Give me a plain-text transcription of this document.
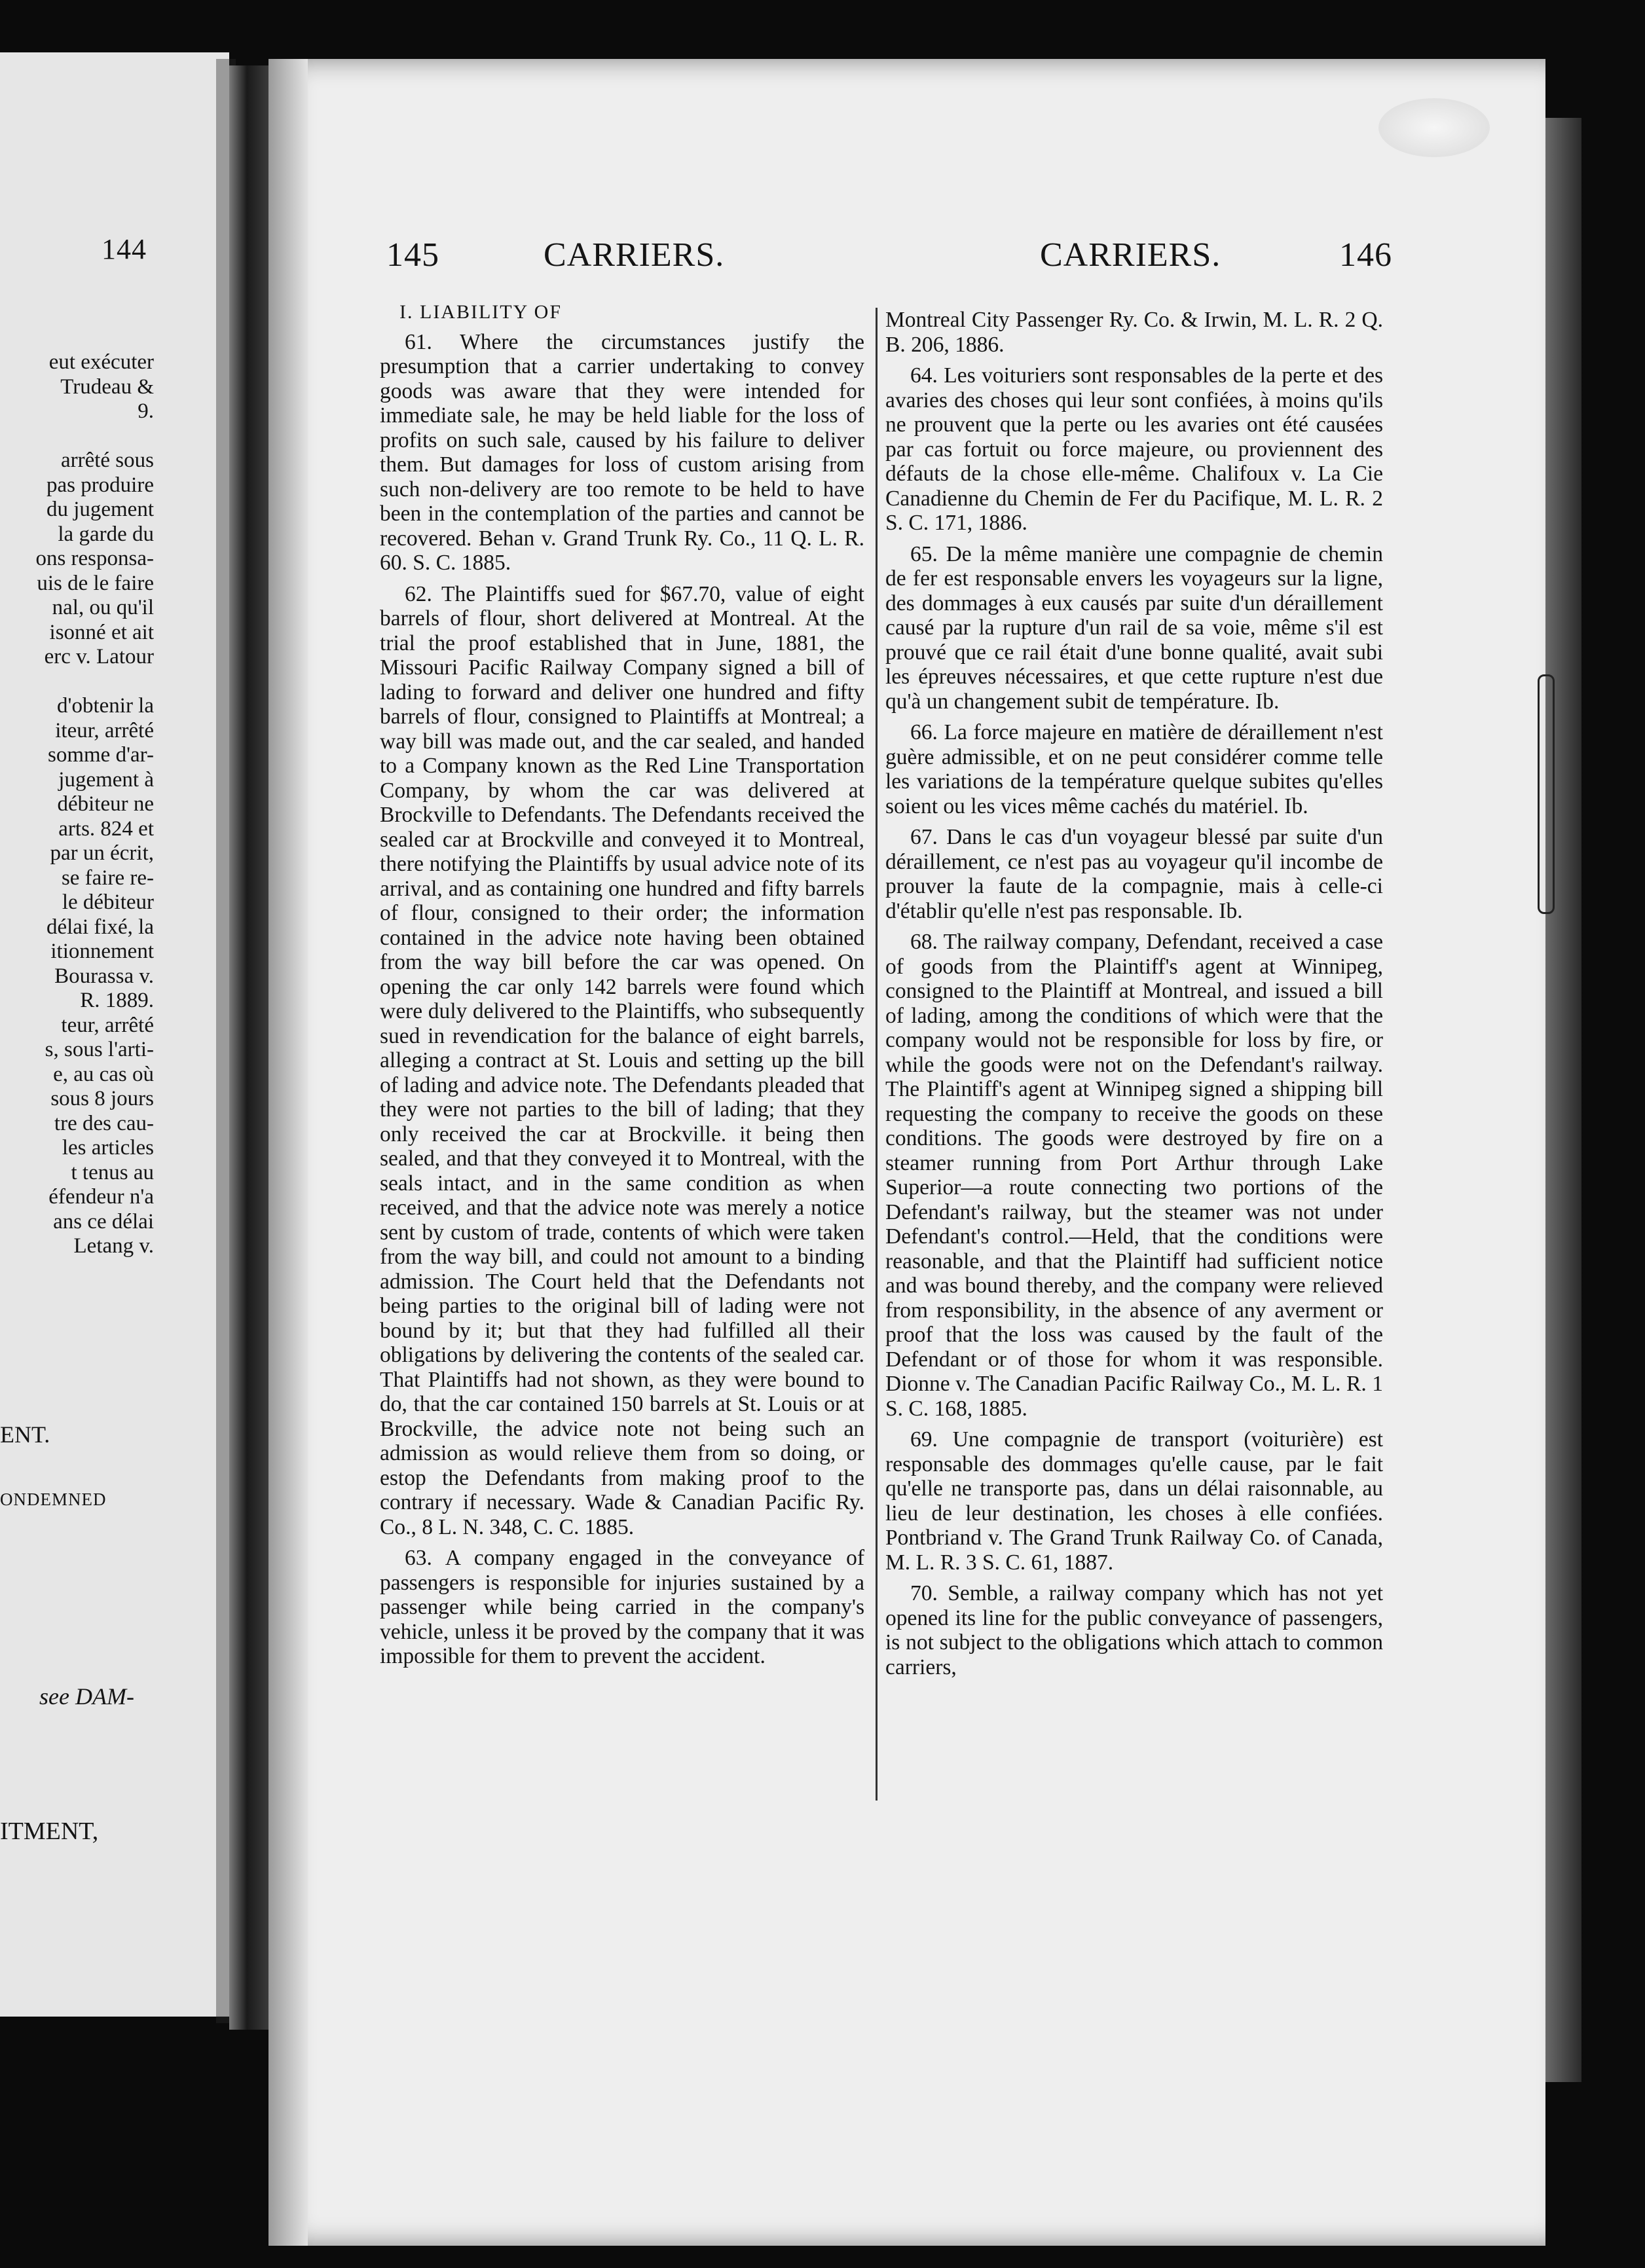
144
eut exécuter
Trudeau &
9.

arrêté sous
pas produire
du jugement
la garde du
ons responsa-
uis de le faire
nal, ou qu'il
isonné et ait
erc v. Latour

d'obtenir la
iteur, arrêté
somme d'ar-
jugement à
débiteur ne
arts. 824 et
par un écrit,
se faire re-
le débiteur
délai fixé, la
itionnement
Bourassa v.
R. 1889.
teur, arrêté
s, sous l'arti-
e, au cas où
sous 8 jours
tre des cau-
les articles
t tenus au
éfendeur n'a
ans ce délai
Letang v.
ENT.
ONDEMNED
see DAM-
ITMENT,
145	CARRIERS.	CARRIERS.	146
I. LIABILITY OF

61. Where the circumstances justify the presumption that a carrier undertaking to convey goods was aware that they were intended for immediate sale, he may be held liable for the loss of profits on such sale, caused by his failure to deliver them. But damages for loss of custom arising from such non-delivery are too remote to be held to have been in the contemplation of the parties and cannot be recovered. Behan v. Grand Trunk Ry. Co., 11 Q. L. R. 60. S. C. 1885.

62. The Plaintiffs sued for $67.70, value of eight barrels of flour, short delivered at Montreal. At the trial the proof established that in June, 1881, the Missouri Pacific Railway Company signed a bill of lading to forward and deliver one hundred and fifty barrels of flour, consigned to Plaintiffs at Montreal; a way bill was made out, and the car sealed, and handed to a Company known as the Red Line Transportation Company, by whom the car was delivered at Brockville to Defendants. The Defendants received the sealed car at Brockville and conveyed it to Montreal, there notifying the Plaintiffs by usual advice note of its arrival, and as containing one hundred and fifty barrels of flour, consigned to their order; the information contained in the advice note having been obtained from the way bill before the car was opened. On opening the car only 142 barrels were found which were duly delivered to the Plaintiffs, who subsequently sued in revendication for the balance of eight barrels, alleging a contract at St. Louis and setting up the bill of lading and advice note. The Defendants pleaded that they were not parties to the bill of lading; that they only received the car at Brockville. it being then sealed, and that they conveyed it to Montreal, with the seals intact, and in the same condition as when received, and that the advice note was merely a notice sent by custom of trade, contents of which were taken from the way bill, and could not amount to a binding admission. The Court held that the Defendants not being parties to the original bill of lading were not bound by it; but that they had fulfilled all their obligations by delivering the contents of the sealed car. That Plaintiffs had not shown, as they were bound to do, that the car contained 150 barrels at St. Louis or at Brockville, the advice note not being such an admission as would relieve them from so doing, or estop the Defendants from making proof to the contrary if necessary. Wade & Canadian Pacific Ry. Co., 8 L. N. 348, C. C. 1885.

63. A company engaged in the conveyance of passengers is responsible for injuries sustained by a passenger while being carried in the company's vehicle, unless it be proved by the company that it was impossible for them to prevent the accident.

Montreal City Passenger Ry. Co. & Irwin, M. L. R. 2 Q. B. 206, 1886.

64. Les voituriers sont responsables de la perte et des avaries des choses qui leur sont confiées, à moins qu'ils ne prouvent que la perte ou les avaries ont été causées par cas fortuit ou force majeure, ou proviennent des défauts de la chose elle-même. Chalifoux v. La Cie Canadienne du Chemin de Fer du Pacifique, M. L. R. 2 S. C. 171, 1886.

65. De la même manière une compagnie de chemin de fer est responsable envers les voyageurs sur la ligne, des dommages à eux causés par suite d'un déraillement causé par la rupture d'un rail de sa voie, même s'il est prouvé que ce rail était d'une bonne qualité, avait subi les épreuves nécessaires, et que cette rupture n'est due qu'à un changement subit de température. Ib.

66. La force majeure en matière de déraillement n'est guère admissible, et on ne peut considérer comme telle les variations de la température quelque subites qu'elles soient ou les vices même cachés du matériel. Ib.

67. Dans le cas d'un voyageur blessé par suite d'un déraillement, ce n'est pas au voyageur qu'il incombe de prouver la faute de la compagnie, mais à celle-ci d'établir qu'elle n'est pas responsable. Ib.

68. The railway company, Defendant, received a case of goods from the Plaintiff's agent at Winnipeg, consigned to the Plaintiff at Montreal, and issued a bill of lading, among the conditions of which were that the company would not be responsible for loss by fire, or while the goods were not on the Defendant's railway. The Plaintiff's agent at Winnipeg signed a shipping bill requesting the company to receive the goods on these conditions. The goods were destroyed by fire on a steamer running from Port Arthur through Lake Superior—a route connecting two portions of the Defendant's railway, but the steamer was not under Defendant's control.—Held, that the conditions were reasonable, and that the Plaintiff had sufficient notice and was bound thereby, and the company were relieved from responsibility, in the absence of any averment or proof that the loss was caused by the fault of the Defendant or of those for whom it was responsible. Dionne v. The Canadian Pacific Railway Co., M. L. R. 1 S. C. 168, 1885.

69. Une compagnie de transport (voiturière) est responsable des dommages qu'elle cause, par le fait qu'elle ne transporte pas, dans un délai raisonnable, au lieu de leur destination, les choses à elle confiées. Pontbriand v. The Grand Trunk Railway Co. of Canada, M. L. R. 3 S. C. 61, 1887.

70. Semble, a railway company which has not yet opened its line for the public conveyance of passengers, is not subject to the obligations which attach to common carriers,
